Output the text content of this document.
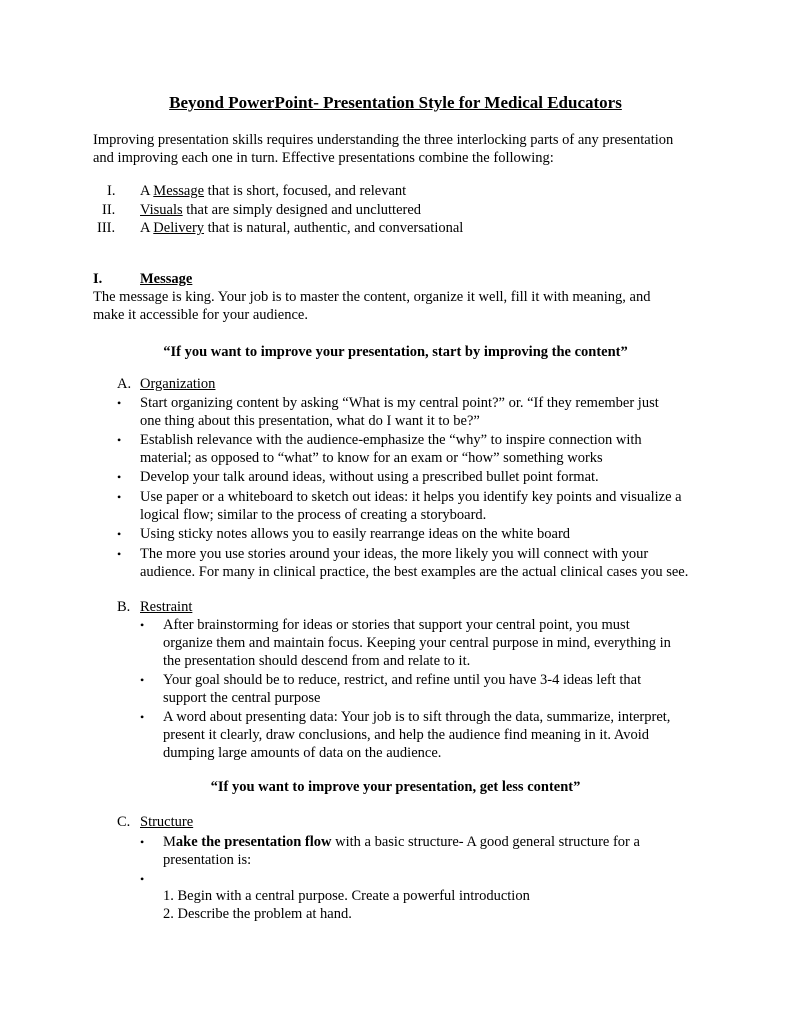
Beyond PowerPoint- Presentation Style for Medical Educators
Improving presentation skills requires understanding the three interlocking parts of any presentation
and improving each one in turn. Effective presentations combine the following:
I. A Message that is short, focused, and relevant
II. Visuals that are simply designed and uncluttered
III. A Delivery that is natural, authentic, and conversational
I.	Message
The message is king. Your job is to master the content, organize it well, fill it with meaning, and
make it accessible for your audience.
“If you want to improve your presentation, start by improving the content”
A. Organization
• Start organizing content by asking “What is my central point?” or. “If they remember just
one thing about this presentation, what do I want it to be?”
• Establish relevance with the audience-emphasize the “why” to inspire connection with
material; as opposed to “what” to know for an exam or “how” something works
• Develop your talk around ideas, without using a prescribed bullet point format.
• Use paper or a whiteboard to sketch out ideas: it helps you identify key points and visualize a
logical flow; similar to the process of creating a storyboard.
• Using sticky notes allows you to easily rearrange ideas on the white board
• The more you use stories around your ideas, the more likely you will connect with your
audience. For many in clinical practice, the best examples are the actual clinical cases you see.
B. Restraint
• After brainstorming for ideas or stories that support your central point, you must
organize them and maintain focus. Keeping your central purpose in mind, everything in
the presentation should descend from and relate to it.
• Your goal should be to reduce, restrict, and refine until you have 3-4 ideas left that
support the central purpose
• A word about presenting data: Your job is to sift through the data, summarize, interpret,
present it clearly, draw conclusions, and help the audience find meaning in it. Avoid
dumping large amounts of data on the audience.
“If you want to improve your presentation, get less content”
C. Structure
• Make the presentation flow with a basic structure- A good general structure for a
presentation is:
•
1. Begin with a central purpose. Create a powerful introduction
2. Describe the problem at hand.
